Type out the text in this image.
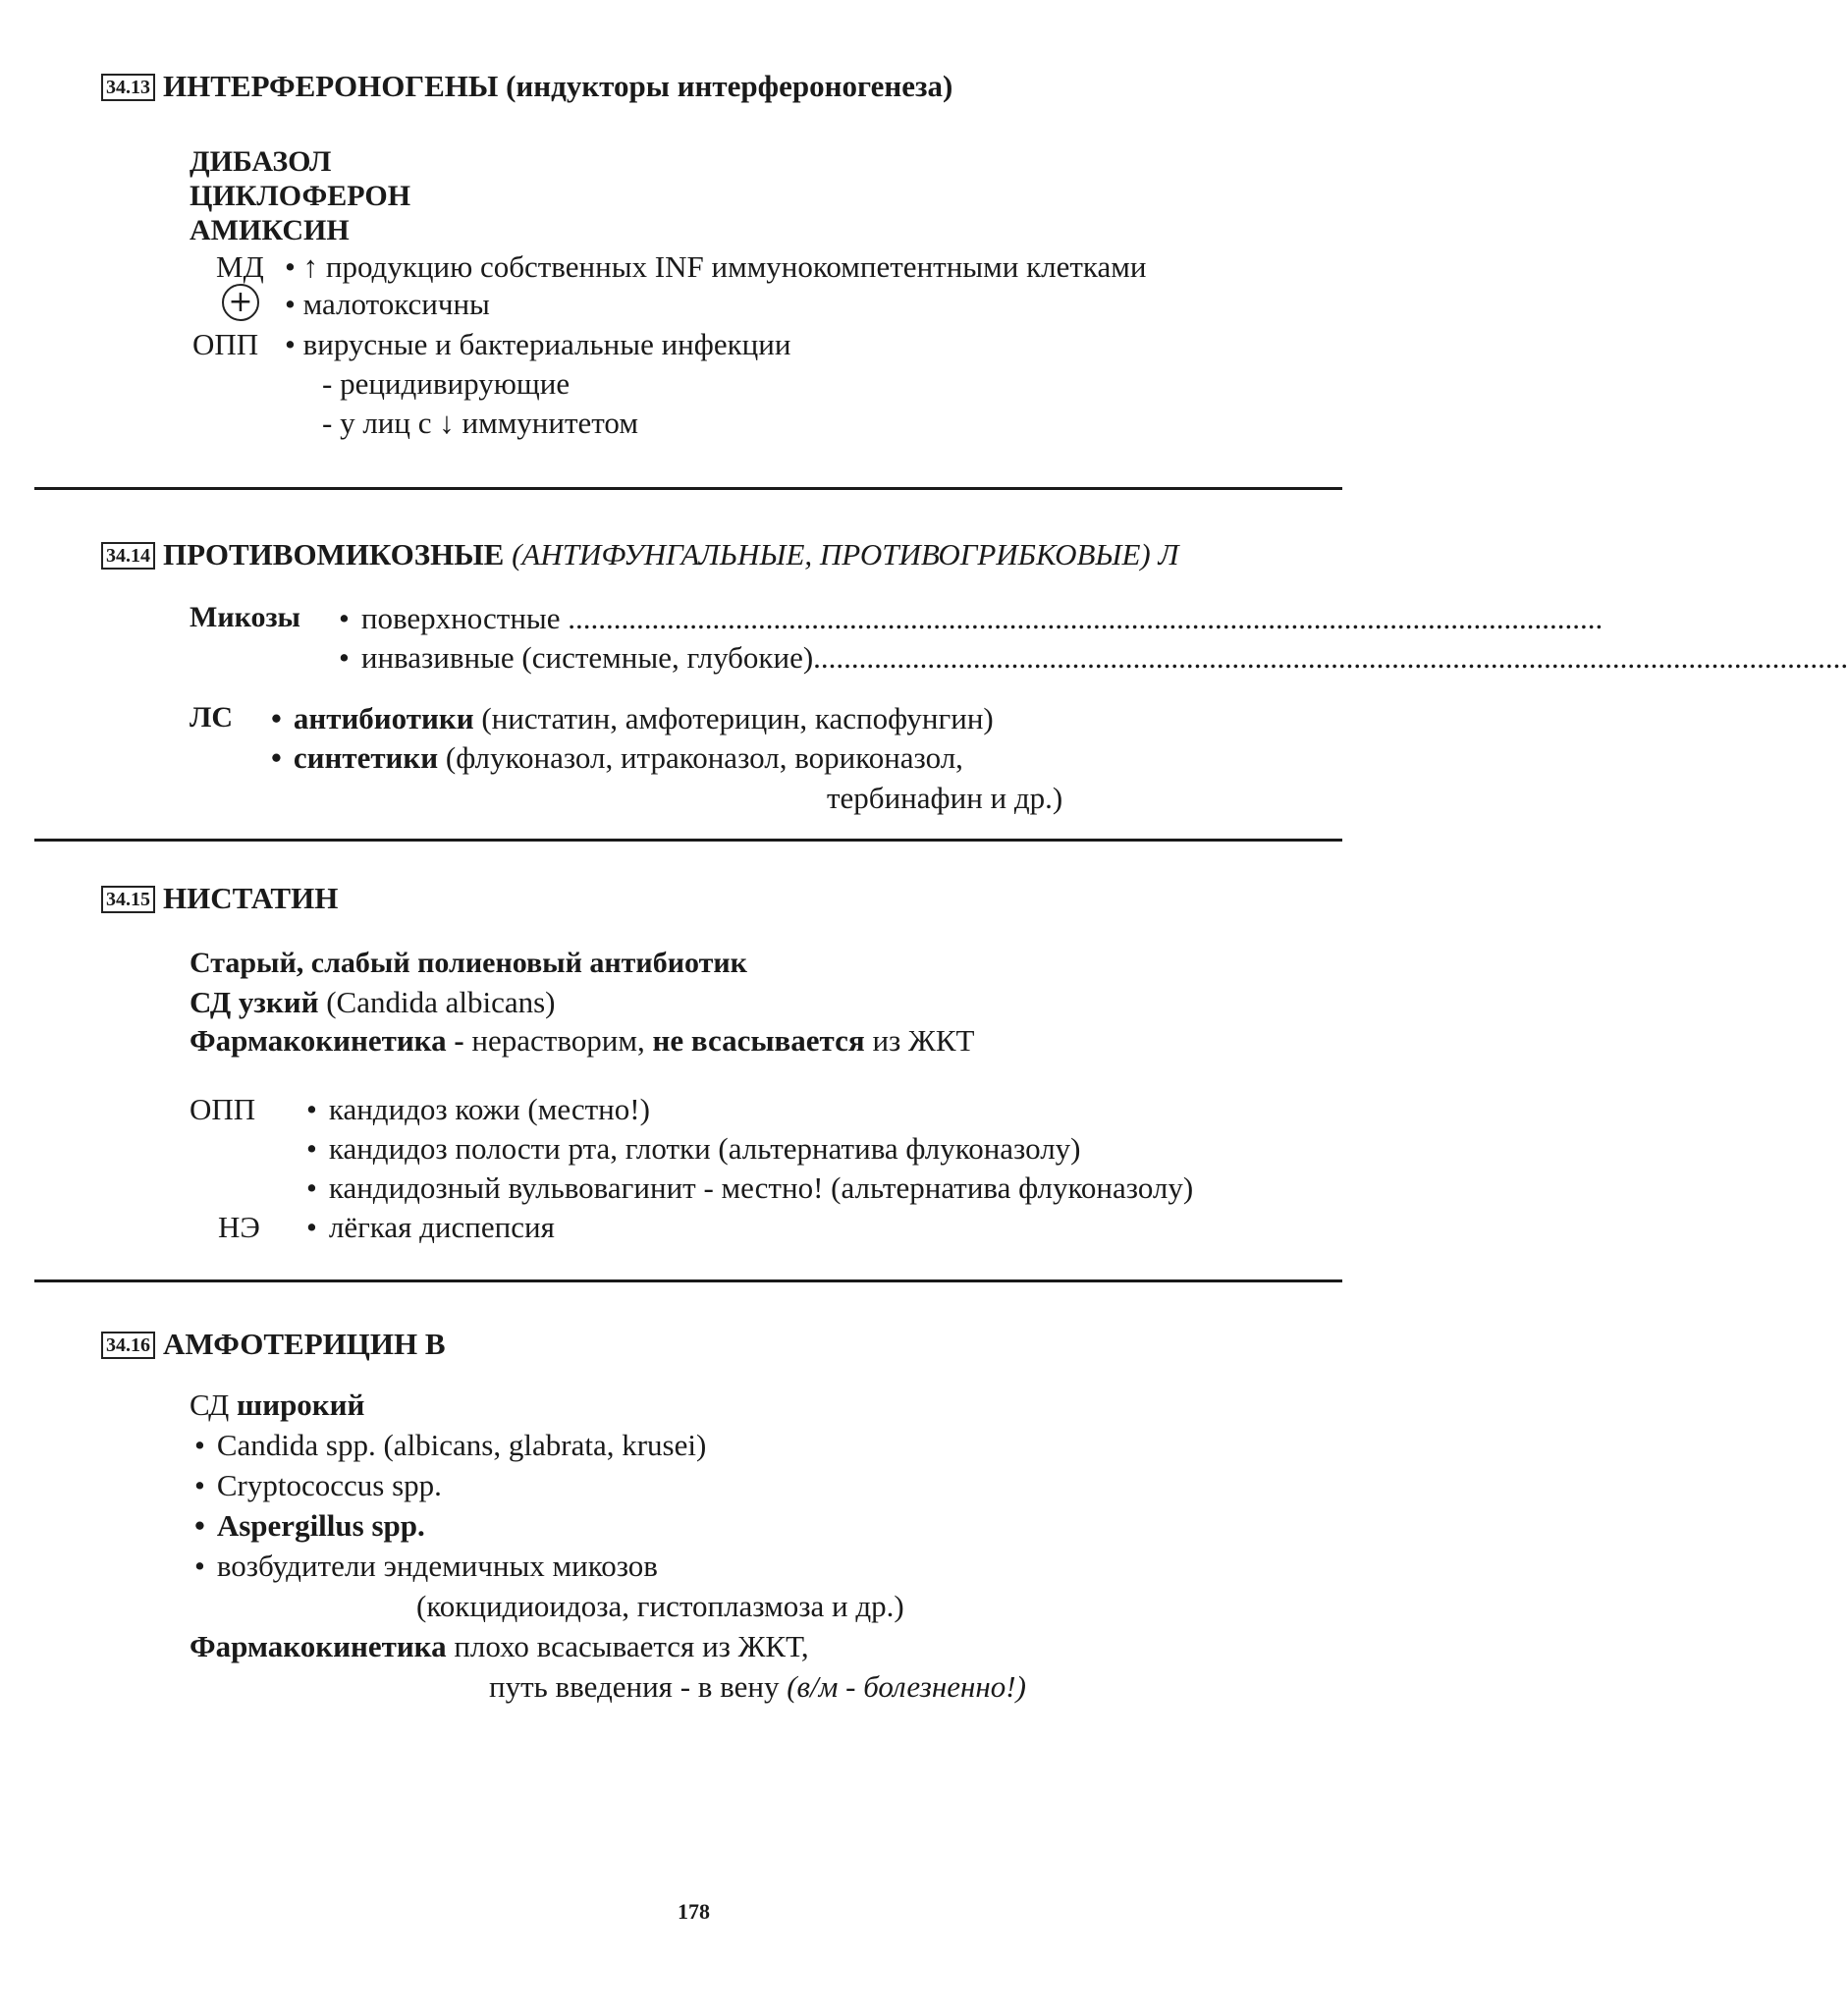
34.13 ИНТЕРФЕРОНОГЕНЫ (индукторы интерфероногенеза)
ДИБАЗОЛ
ЦИКЛОФЕРОН
АМИКСИН
МД • ↑ продукцию собственных INF иммунокомпетентными клетками
+ • малотоксичны
ОПП • вирусные и бактериальные инфекции
- рецидивирующие
- у лиц с ↓ иммунитетом
34.14 ПРОТИВОМИКОЗНЫЕ (АНТИФУНГАЛЬНЫЕ, ПРОТИВОГРИБКОВЫЕ) Л
Микозы	• поверхностные ........................................................................................................................................
• инвазивные (системные, глубокие)........................................................................................................................................
ЛС	• антибиотики (нистатин, амфотерицин, каспофунгин)
• синтетики (флуконазол, итраконазол, вориконазол,
тербинафин и др.)
34.15 НИСТАТИН
Старый, слабый полиеновый антибиотик
СД узкий (Candida albicans)
Фармакокинетика - нерастворим, не всасывается из ЖКТ
ОПП	• кандидоз кожи (местно!)
• кандидоз полости рта, глотки (альтернатива флуконазолу)
• кандидозный вульвовагинит - местно! (альтернатива флуконазолу)
НЭ	• лёгкая диспепсия
34.16 АМФОТЕРИЦИН В
СД широкий
• Candida spp. (albicans, glabrata, krusei)
• Cryptococcus spp.
• Aspergillus spp.
• возбудители эндемичных микозов
(кокцидиоидоза, гистоплазмоза и др.)
Фармакокинетика плохо всасывается из ЖКТ,
путь введения - в вену (в/м - болезненно!)
178
